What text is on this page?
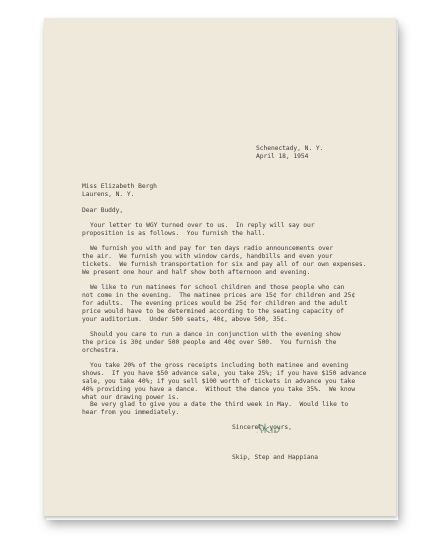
Schenectady, N. Y.
April 18, 1954
Miss Elizabeth Bergh
Laurens, N. Y.
Dear Buddy,
Your letter to WGY turned over to us.  In reply will say our
proposition is as follows.  You furnish the hall.
We furnish you with and pay for ten days radio announcements over
the air.  We furnish you with window cards, handbills and even your
tickets.  We furnish transportation for six and pay all of our own expenses.
We present one hour and half show both afternoon and evening.
We like to run matinees for school children and those people who can
not come in the evening.  The matinee prices are 15¢ for children and 25¢
for adults.  The evening prices would be 25¢ for children and the adult
price would have to be determined according to the seating capacity of
your auditorium.  Under 500 seats, 40¢, above 500, 35¢.
Should you care to run a dance in conjunction with the evening show
the price is 30¢ under 500 people and 40¢ over 500.  You furnish the
orchestra.
You take 20% of the gross receipts including both matinee and evening
shows.  If you have $50 advance sale, you take 25%; if you have $150 advance
sale, you take 40%; if you sell $100 worth of tickets in advance you take
40% providing you have a dance.  Without the dance you take 35%.  We know
what our drawing power is.
Be very glad to give you a date the third week in May.  Would like to
hear from you immediately.
Sincerely yours,
Skip, Step and Happiana
